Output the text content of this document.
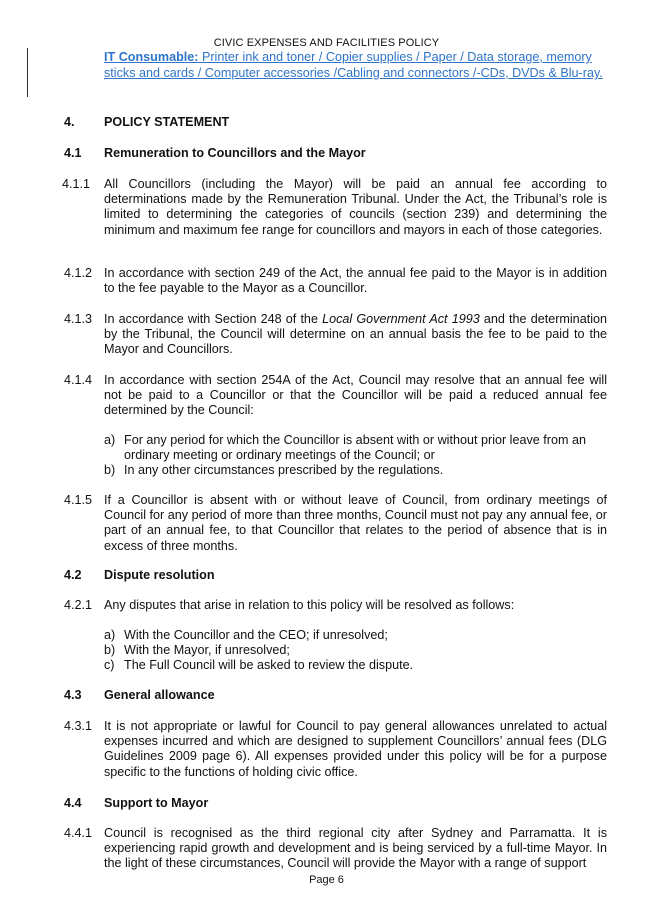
CIVIC EXPENSES AND FACILITIES POLICY
IT Consumable: Printer ink and toner / Copier supplies / Paper / Data storage, memory sticks and cards / Computer accessories /Cabling and connectors /-CDs, DVDs & Blu-ray.
4. POLICY STATEMENT
4.1 Remuneration to Councillors and the Mayor
4.1.1 All Councillors (including the Mayor) will be paid an annual fee according to determinations made by the Remuneration Tribunal. Under the Act, the Tribunal’s role is limited to determining the categories of councils (section 239) and determining the minimum and maximum fee range for councillors and mayors in each of those categories.
4.1.2 In accordance with section 249 of the Act, the annual fee paid to the Mayor is in addition to the fee payable to the Mayor as a Councillor.
4.1.3 In accordance with Section 248 of the Local Government Act 1993 and the determination by the Tribunal, the Council will determine on an annual basis the fee to be paid to the Mayor and Councillors.
4.1.4 In accordance with section 254A of the Act, Council may resolve that an annual fee will not be paid to a Councillor or that the Councillor will be paid a reduced annual fee determined by the Council:
a) For any period for which the Councillor is absent with or without prior leave from an ordinary meeting or ordinary meetings of the Council; or
b) In any other circumstances prescribed by the regulations.
4.1.5 If a Councillor is absent with or without leave of Council, from ordinary meetings of Council for any period of more than three months, Council must not pay any annual fee, or part of an annual fee, to that Councillor that relates to the period of absence that is in excess of three months.
4.2 Dispute resolution
4.2.1 Any disputes that arise in relation to this policy will be resolved as follows:
a) With the Councillor and the CEO; if unresolved;
b) With the Mayor, if unresolved;
c) The Full Council will be asked to review the dispute.
4.3 General allowance
4.3.1 It is not appropriate or lawful for Council to pay general allowances unrelated to actual expenses incurred and which are designed to supplement Councillors’ annual fees (DLG Guidelines 2009 page 6). All expenses provided under this policy will be for a purpose specific to the functions of holding civic office.
4.4 Support to Mayor
4.4.1 Council is recognised as the third regional city after Sydney and Parramatta. It is experiencing rapid growth and development and is being serviced by a full-time Mayor. In the light of these circumstances, Council will provide the Mayor with a range of support
Page 6
